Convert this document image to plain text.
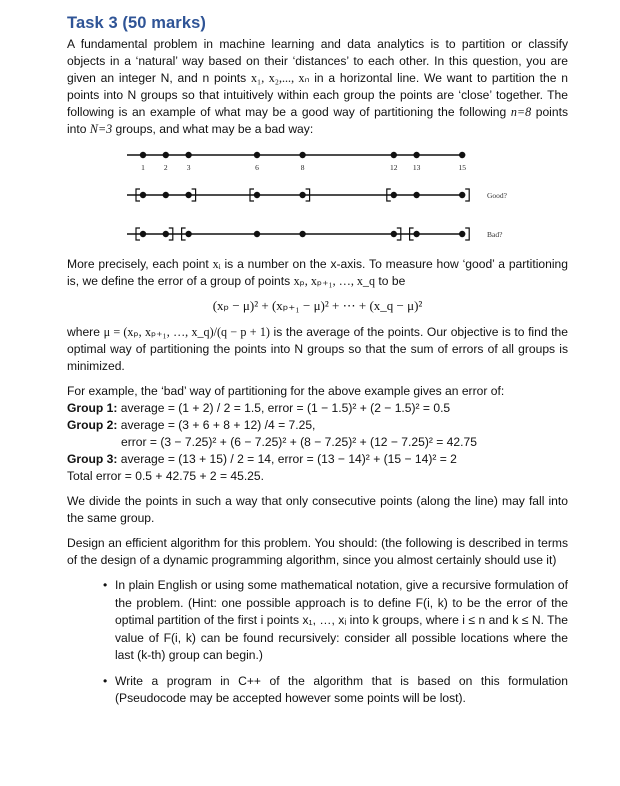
Task 3 (50 marks)

A fundamental problem in machine learning and data analytics is to partition or classify objects in a ‘natural’ way based on their ‘distances’ to each other. In this question, you are given an integer N, and n points x₁, x₂,..., xₙ in a horizontal line. We want to partition the n points into N groups so that intuitively within each group the points are ‘close’ together. The following is an example of what may be a good way of partitioning the following n=8 points into N=3 groups, and what may be a bad way:

1	2	3	6	8	12 13	15
Good?
Bad?

More precisely, each point xᵢ is a number on the x-axis. To measure how ‘good’ a partitioning is, we define the error of a group of points xₚ, xₚ₊₁, …, x_q to be

(xₚ − μ)² + (xₚ₊₁ − μ)² + ⋯ + (x_q − μ)²

where μ = (xₚ, xₚ₊₁, …, x_q)/(q − p + 1) is the average of the points. Our objective is to find the optimal way of partitioning the points into N groups so that the sum of errors of all groups is minimized.

For example, the ‘bad’ way of partitioning for the above example gives an error of:
Group 1: average = (1 + 2) / 2 = 1.5, error = (1 − 1.5)² + (2 − 1.5)² = 0.5
Group 2: average = (3 + 6 + 8 + 12) /4 = 7.25,
error = (3 − 7.25)² + (6 − 7.25)² + (8 − 7.25)² + (12 − 7.25)² = 42.75
Group 3: average = (13 + 15) / 2 = 14, error = (13 − 14)² + (15 − 14)² = 2
Total error = 0.5 + 42.75 + 2 = 45.25.

We divide the points in such a way that only consecutive points (along the line) may fall into the same group.

Design an efficient algorithm for this problem. You should: (the following is described in terms of the design of a dynamic programming algorithm, since you almost certainly should use it)

• In plain English or using some mathematical notation, give a recursive formulation of the problem. (Hint: one possible approach is to define F(i, k) to be the error of the optimal partition of the first i points x₁, …, xᵢ into k groups, where i ≤ n and k ≤ N. The value of F(i, k) can be found recursively: consider all possible locations where the last (k-th) group can begin.)
• Write a program in C++ of the algorithm that is based on this formulation (Pseudocode may be accepted however some points will be lost).
